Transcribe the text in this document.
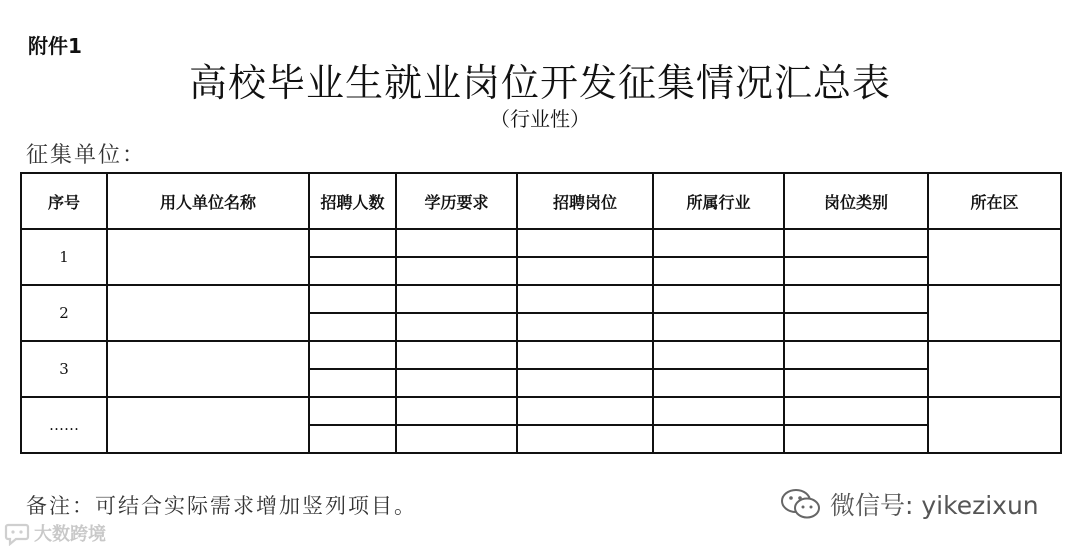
附件1
高校毕业生就业岗位开发征集情况汇总表
（行业性）
征集单位：
序号	用人单位名称	招聘人数	学历要求	招聘岗位	所属行业	岗位类别	所在区
1							

2							

3							

……							

备注：可结合实际需求增加竖列项目。	微信号: yikezixun
大数跨境
